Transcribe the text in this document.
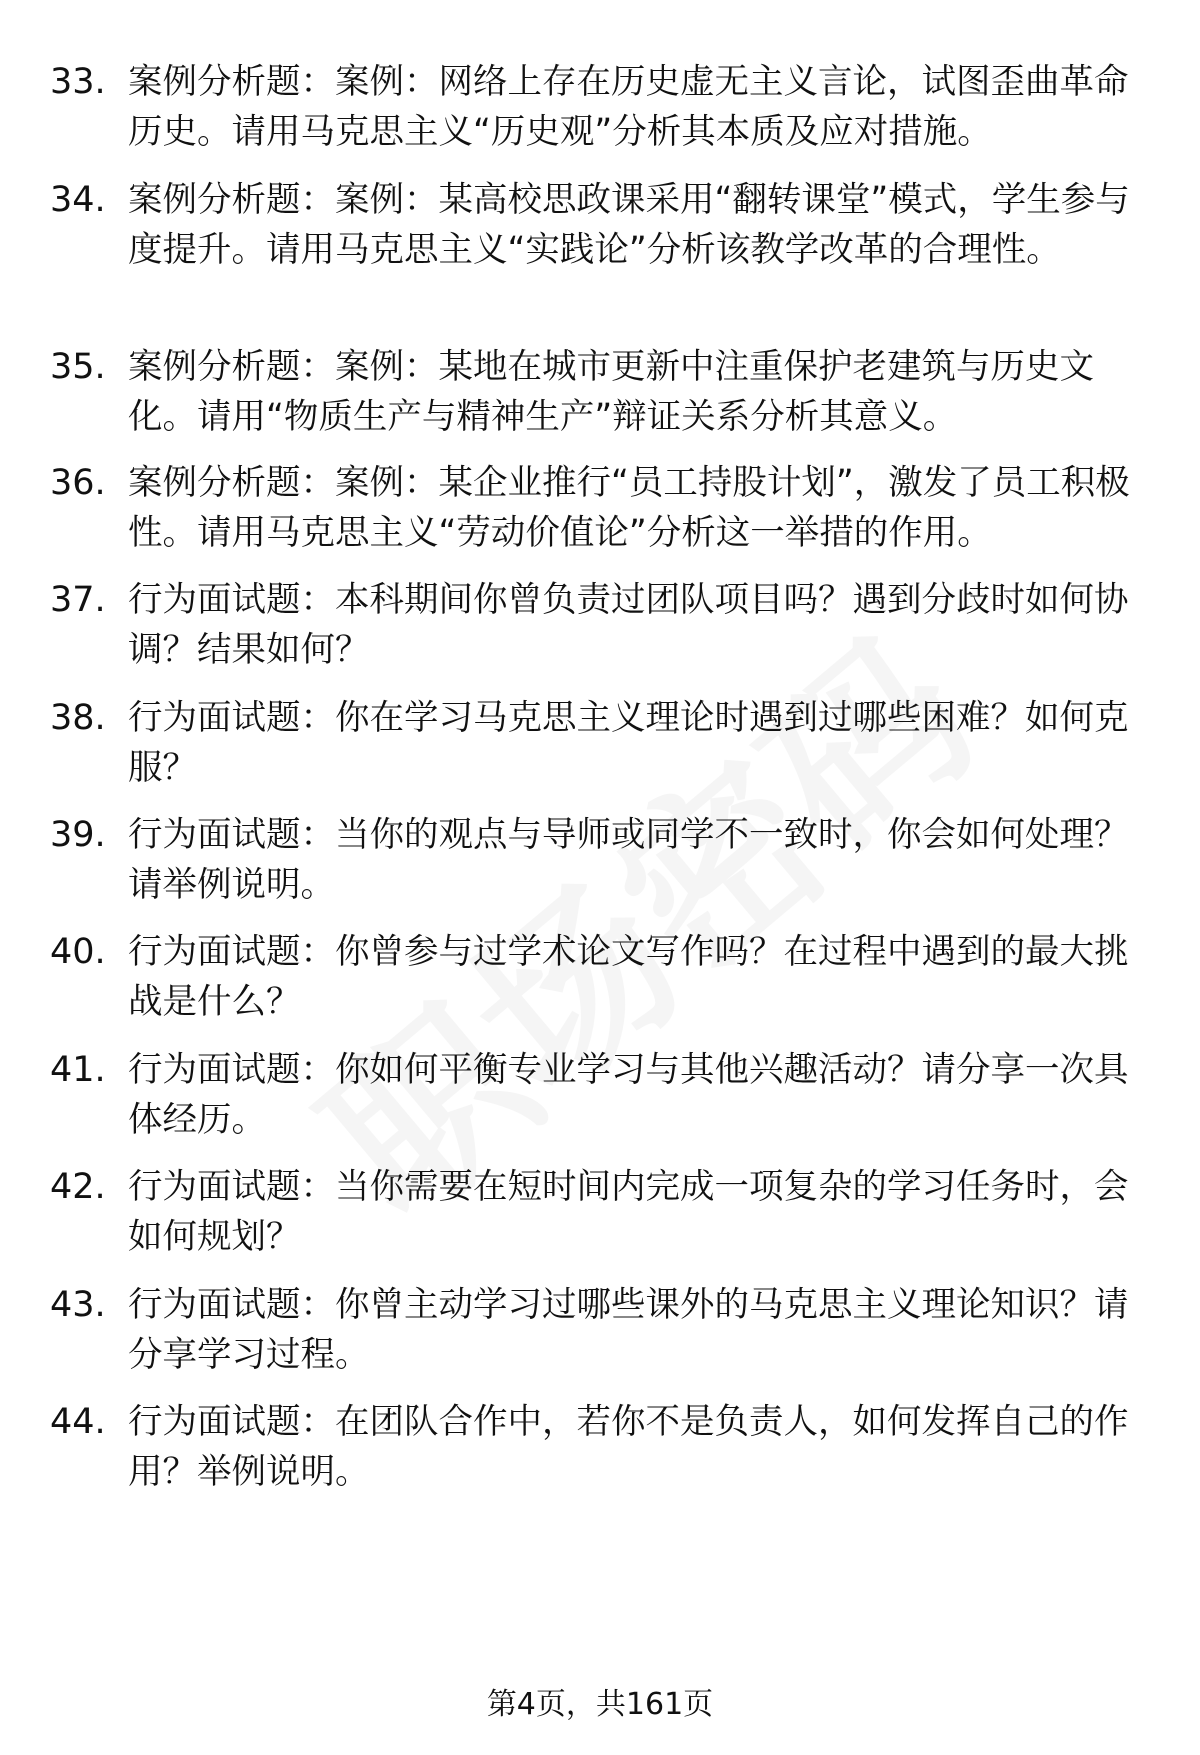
33. 案例分析题：案例：网络上存在历史虚无主义言论，试图歪曲革命历史。请用马克思主义“历史观”分析其本质及应对措施。
34. 案例分析题：案例：某高校思政课采用“翻转课堂”模式，学生参与度提升。请用马克思主义“实践论”分析该教学改革的合理性。
35. 案例分析题：案例：某地在城市更新中注重保护老建筑与历史文化。请用“物质生产与精神生产”辩证关系分析其意义。
36. 案例分析题：案例：某企业推行“员工持股计划”，激发了员工积极性。请用马克思主义“劳动价值论”分析这一举措的作用。
37. 行为面试题：本科期间你曾负责过团队项目吗？遇到分歧时如何协调？结果如何？
38. 行为面试题：你在学习马克思主义理论时遇到过哪些困难？如何克服？
39. 行为面试题：当你的观点与导师或同学不一致时，你会如何处理？请举例说明。
40. 行为面试题：你曾参与过学术论文写作吗？在过程中遇到的最大挑战是什么？
41. 行为面试题：你如何平衡专业学习与其他兴趣活动？请分享一次具体经历。
42. 行为面试题：当你需要在短时间内完成一项复杂的学习任务时，会如何规划？
43. 行为面试题：你曾主动学习过哪些课外的马克思主义理论知识？请分享学习过程。
44. 行为面试题：在团队合作中，若你不是负责人，如何发挥自己的作用？举例说明。
第4页，共161页
